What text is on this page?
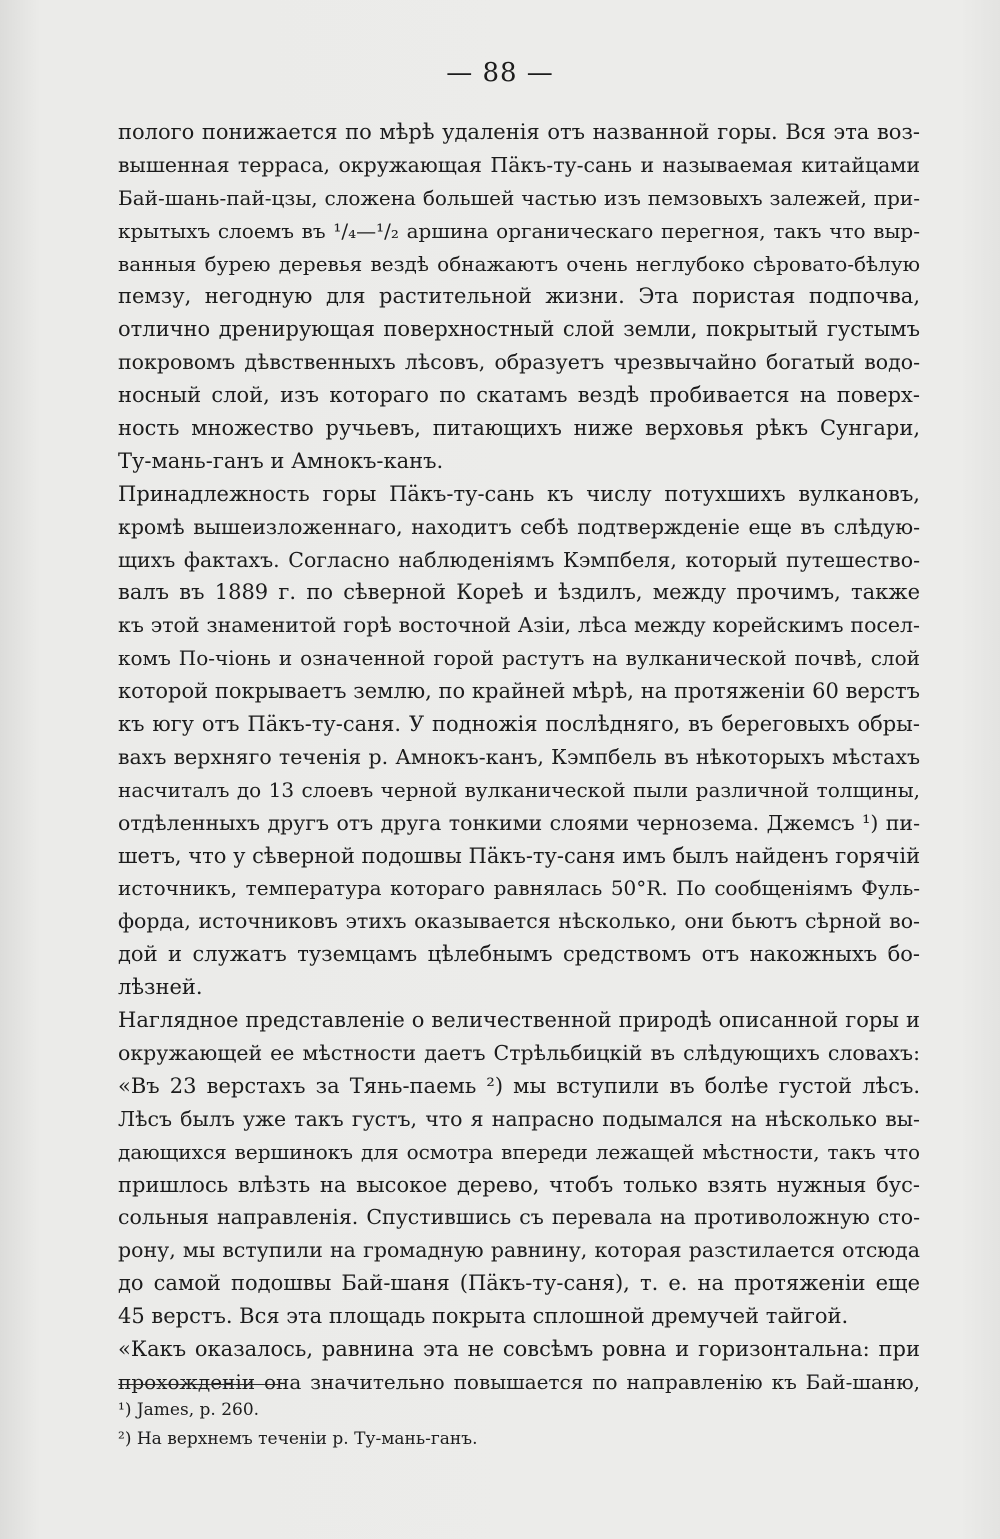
— 88 —
пологo понижается по мѣрѣ удаленія отъ названной горы. Вся эта воз-
вышенная терраса, окружающая Пӓкъ-ту-сань и называемая китайцами
Бай-шань-пай-цзы, сложена большей частью изъ пемзовыхъ залежей, при-
крытыхъ слоемъ въ ¹/₄—¹/₂ аршина органическаго перегноя, такъ что выр-
ванныя бурею деревья вездѣ обнажаютъ очень неглубоко сѣровато-бѣлую
пемзу, негодную для растительной жизни. Эта пористая подпочва,
отлично дренирующая поверхностный слой земли, покрытый густымъ
покровомъ дѣвственныхъ лѣсовъ, образуетъ чрезвычайно богатый водо-
носный слой, изъ котораго по скатамъ вездѣ пробивается на поверх-
ность множество ручьевъ, питающихъ ниже верховья рѣкъ Сунгари,
Ту-мань-ганъ и Амнокъ-канъ.
Принадлежность горы Пӓкъ-ту-сань къ числу потухшихъ вулкановъ,
кромѣ вышеизложеннаго, находитъ себѣ подтвержденіе еще въ слѣдую-
щихъ фактахъ. Согласно наблюденіямъ Кэмпбеля, который путешество-
валъ въ 1889 г. по сѣверной Кореѣ и ѣздилъ, между прочимъ, также
къ этой знаменитой горѣ восточной Азіи, лѣса между корейскимъ посел-
комъ По-чіонь и означенной горой растутъ на вулканической почвѣ, слой
которой покрываетъ землю, по крайней мѣрѣ, на протяженіи 60 верстъ
къ югу отъ Пӓкъ-ту-саня. У подножія послѣдняго, въ береговыхъ обры-
вахъ верхняго теченія р. Амнокъ-канъ, Кэмпбель въ нѣкоторыхъ мѣстахъ
насчиталъ до 13 слоевъ черной вулканической пыли различной толщины,
отдѣленныхъ другъ отъ друга тонкими слоями чернозема. Джемсъ ¹) пи-
шетъ, что у сѣверной подошвы Пӓкъ-ту-саня имъ былъ найденъ горячій
источникъ, температура котораго равнялась 50°R. По сообщеніямъ Фуль-
форда, источниковъ этихъ оказывается нѣсколько, они бьютъ сѣрной во-
дой и служатъ туземцамъ цѣлебнымъ средствомъ отъ накожныхъ бо-
лѣзней.
Наглядное представленіе о величественной природѣ описанной горы и
окружающей ее мѣстности даетъ Стрѣльбицкій въ слѣдующихъ словахъ:
«Въ 23 верстахъ за Тянь-паемь ²) мы вступили въ болѣе густой лѣсъ.
Лѣсъ былъ уже такъ густъ, что я напрасно подымался на нѣсколько вы-
дающихся вершинокъ для осмотра впереди лежащей мѣстности, такъ что
пришлось влѣзть на высокое дерево, чтобъ только взять нужныя бус-
сольныя направленія. Спустившись съ перевала на противоложную сто-
рону, мы вступили на громадную равнину, которая разстилается отсюда
до самой подошвы Бай-шаня (Пӓкъ-ту-саня), т. е. на протяженіи еще
45 верстъ. Вся эта площадь покрыта сплошной дремучей тайгой.
«Какъ оказалось, равнина эта не совсѣмъ ровна и горизонтальна: при
прохожденіи она значительно повышается по направленію къ Бай-шаню,
¹) James, p. 260.
²) На верхнемъ теченіи р. Ту-мань-ганъ.
